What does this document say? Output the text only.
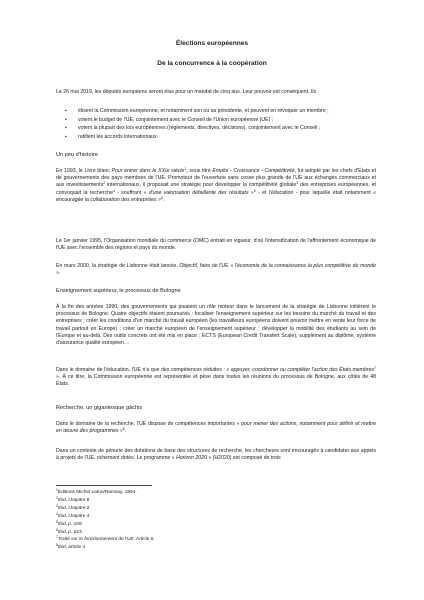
Élections européennes

De la concurrence à la coopération

Le 26 mai 2019, les députés européens seront élus pour un mandat de cinq ans. Leur pouvoir est conséquent. Ils

▪ élisent la Commission européenne, et notamment son ou sa présidente, et peuvent en révoquer un membre ;
▪ votent le budget de l'UE, conjointement avec le Conseil de l'Union européenne (UE) ;
▪ votent la plupart des lois européennes (règlements, directives, décisions), conjointement avec le Conseil ;
▪ ratifient les accords internationaux.

Un peu d'histoire

En 1993, le Livre blanc Pour entrer dans le XXIe siècle$^1$, sous titré Emploi - Croissance - Compétitivité, fut adopté par les chefs d'États et de gouvernements des pays membres de l'UE. Promoteur de l'ouverture sans cesse plus grande de l'UE aux échanges commerciaux et aux investissements$^2$ internationaux, il proposait une stratégie pour développer la compétitivité globale$^3$ des entreprises européennes, et convoquait la recherche$^4$ - souffrant « d'une valorisation défaillante des résultats »$^5$ - et l'éducation - pour laquelle était notamment « encouragée la collaboration des entreprises »$^6$.

Le 1er janvier 1995, l'Organisation mondiale du commerce (OMC) entrait en vigueur, d'où l'intensification de l'affrontement économique de l'UE avec l'ensemble des régions et pays du monde.

En mars 2000, la stratégie de Lisbonne était lancée. Objectif, faire de l'UE « l'économie de la connaissance la plus compétitive du monde ».

Enseignement supérieur, le processus de Bologne

À la fin des années 1990, des gouvernements qui jouaient un rôle moteur dans le lancement de la stratégie de Lisbonne initièrent le processus de Bologne. Quatre objectifs étaient poursuivis : focaliser l'enseignement supérieur sur les besoins du marché du travail et des entreprises ; créer les conditions d'un marché du travail européen (les travailleurs européens doivent pouvoir mettre en vente leur force de travail partout en Europe) ; créer un marché européen de l'enseignement supérieur ; développer la mobilité des étudiants au sein de l'Europe et au-delà. Des outils concrets ont été mis en place : ECTS (European Credit Transfert Scale), supplément au diplôme, système d'assurance qualité européen…

Dans le domaine de l'éducation, l'UE n'a que des compétences réduites : « appuyer, coordonner ou compléter l'action des États membres$^7$ ». À ce titre, la Commission européenne est représentée et pèse dans toutes les réunions du processus de Bologne, aux côtés de 48 États.

Recherche, un gigantesque gâchis

Dans le domaine de la recherche, l'UE dispose de compétences importantes « pour mener des actions, notamment pour définir et mettre en œuvre des programmes »$^8$.

Dans un contexte de pénurie des dotations de base des structures de recherche, les chercheurs sont encouragés à candidater aux appels à projets de l'UE, richement dotés. Le programme « Horizon 2020 » (H2020) est composé de trois

$^1$Éditions Michel Lafon/Ramsay. 1994.
$^2$Ibid, chapitre 6
$^3$Ibid, chapitre 2
$^4$Ibid, chapitre 4
$^5$Ibid, p. 109
$^6$Ibid, p. 223
$^7$Traité sur le fonctionnement de l'UE. Article 6.
$^8$Ibid, article 4
